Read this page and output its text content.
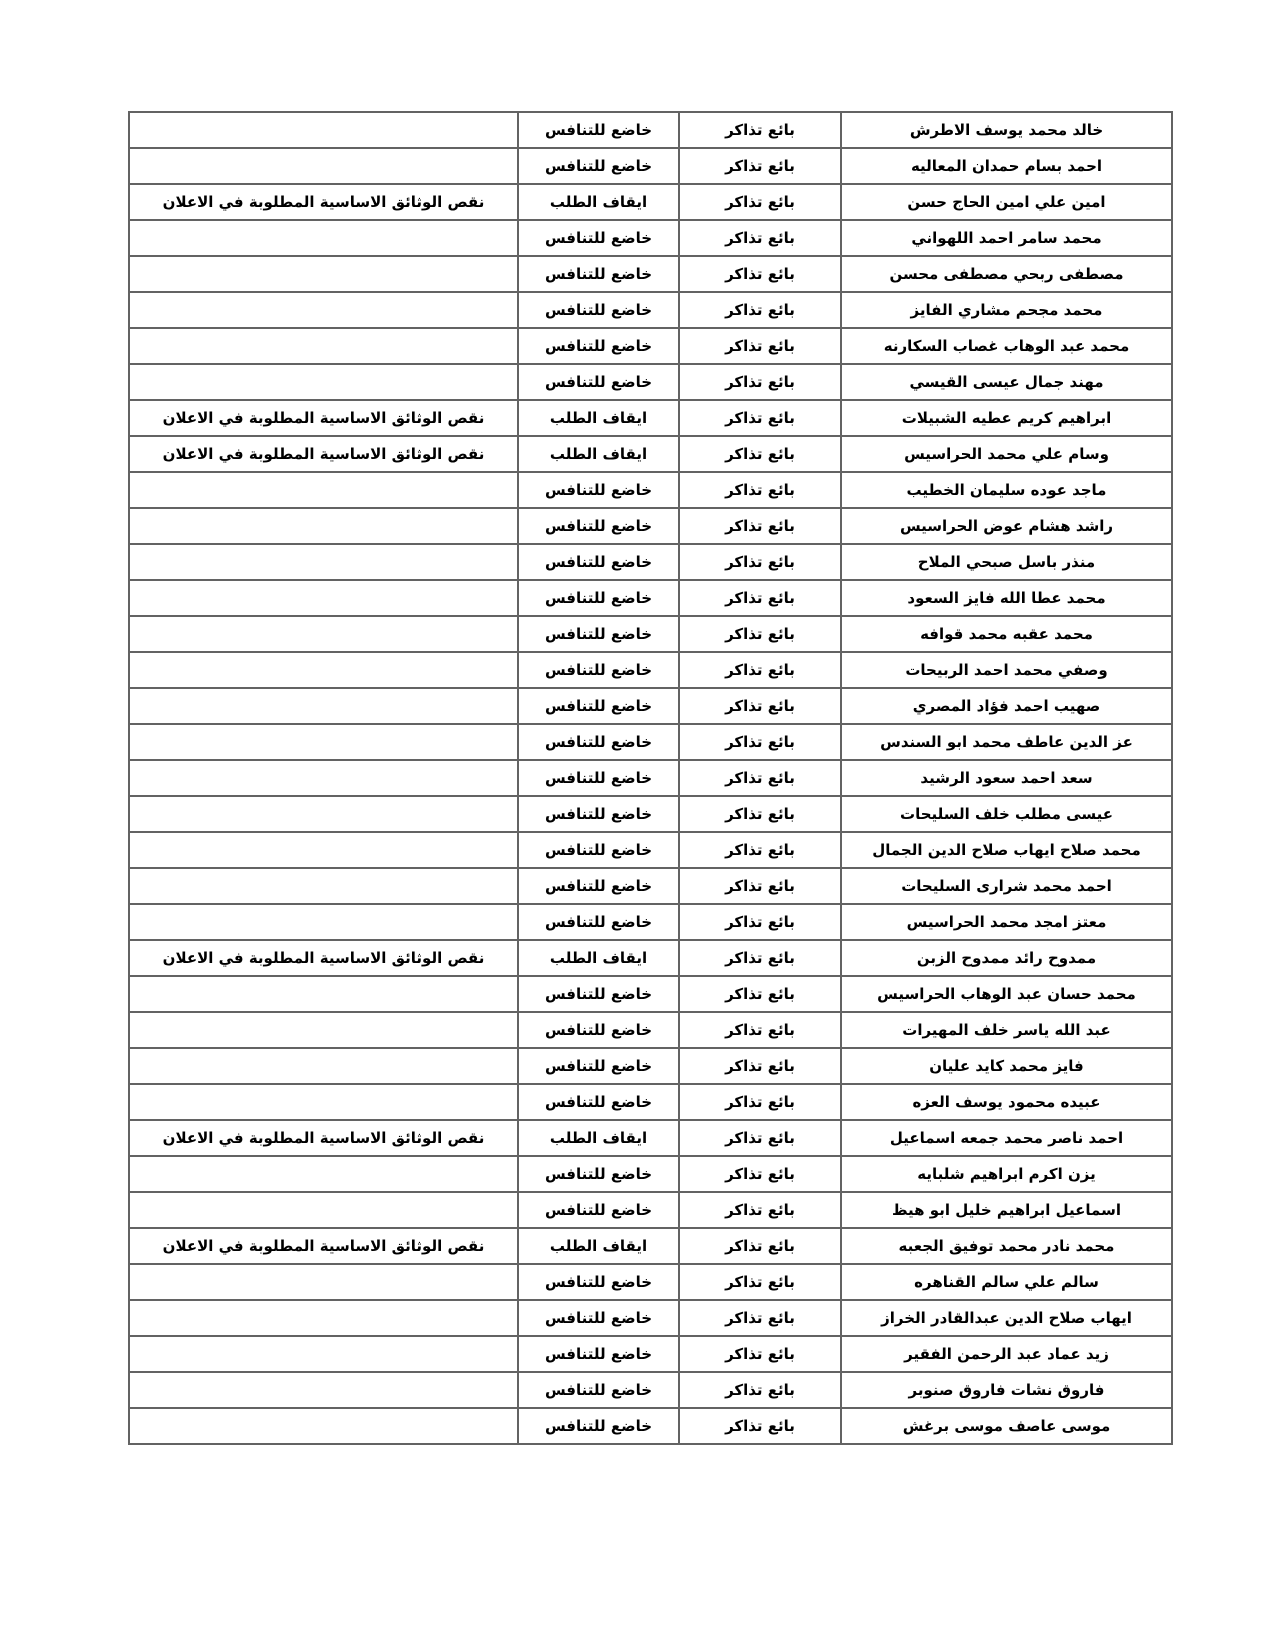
خالد محمد يوسف الاطرش	بائع تذاكر	خاضع للتنافس	
احمد بسام حمدان المعاليه	بائع تذاكر	خاضع للتنافس	
امين علي امين الحاج حسن	بائع تذاكر	ايقاف الطلب	نقص الوثائق الاساسية المطلوبة في الاعلان
محمد سامر احمد اللهواني	بائع تذاكر	خاضع للتنافس	
مصطفى ربحي مصطفى محسن	بائع تذاكر	خاضع للتنافس	
محمد مجحم مشاري الفايز	بائع تذاكر	خاضع للتنافس	
محمد عبد الوهاب غصاب السكارنه	بائع تذاكر	خاضع للتنافس	
مهند جمال عيسى القيسي	بائع تذاكر	خاضع للتنافس	
ابراهيم كريم عطيه الشبيلات	بائع تذاكر	ايقاف الطلب	نقص الوثائق الاساسية المطلوبة في الاعلان
وسام علي محمد الحراسيس	بائع تذاكر	ايقاف الطلب	نقص الوثائق الاساسية المطلوبة في الاعلان
ماجد عوده سليمان الخطيب	بائع تذاكر	خاضع للتنافس	
راشد هشام عوض الحراسيس	بائع تذاكر	خاضع للتنافس	
منذر باسل صبحي الملاح	بائع تذاكر	خاضع للتنافس	
محمد عطا الله فايز السعود	بائع تذاكر	خاضع للتنافس	
محمد عقبه محمد قوافه	بائع تذاكر	خاضع للتنافس	
وصفي محمد احمد الربيحات	بائع تذاكر	خاضع للتنافس	
صهيب احمد فؤاد المصري	بائع تذاكر	خاضع للتنافس	
عز الدين عاطف محمد ابو السندس	بائع تذاكر	خاضع للتنافس	
سعد احمد سعود الرشيد	بائع تذاكر	خاضع للتنافس	
عيسى مطلب خلف السليحات	بائع تذاكر	خاضع للتنافس	
محمد صلاح ايهاب صلاح الدين الجمال	بائع تذاكر	خاضع للتنافس	
احمد محمد شرارى السليحات	بائع تذاكر	خاضع للتنافس	
معتز امجد محمد الحراسيس	بائع تذاكر	خاضع للتنافس	
ممدوح رائد ممدوح الزبن	بائع تذاكر	ايقاف الطلب	نقص الوثائق الاساسية المطلوبة في الاعلان
محمد حسان عبد الوهاب الحراسيس	بائع تذاكر	خاضع للتنافس	
عبد الله ياسر خلف المهيرات	بائع تذاكر	خاضع للتنافس	
فايز محمد كايد عليان	بائع تذاكر	خاضع للتنافس	
عبيده محمود يوسف العزه	بائع تذاكر	خاضع للتنافس	
احمد ناصر محمد جمعه اسماعيل	بائع تذاكر	ايقاف الطلب	نقص الوثائق الاساسية المطلوبة في الاعلان
يزن اكرم ابراهيم شلبايه	بائع تذاكر	خاضع للتنافس	
اسماعيل ابراهيم خليل ابو هيظ	بائع تذاكر	خاضع للتنافس	
محمد نادر محمد توفيق الجعبه	بائع تذاكر	ايقاف الطلب	نقص الوثائق الاساسية المطلوبة في الاعلان
سالم علي سالم القناهره	بائع تذاكر	خاضع للتنافس	
ايهاب صلاح الدين عبدالقادر الخراز	بائع تذاكر	خاضع للتنافس	
زيد عماد عبد الرحمن الفقير	بائع تذاكر	خاضع للتنافس	
فاروق نشات فاروق صنوبر	بائع تذاكر	خاضع للتنافس	
موسى عاصف موسى برغش	بائع تذاكر	خاضع للتنافس	
